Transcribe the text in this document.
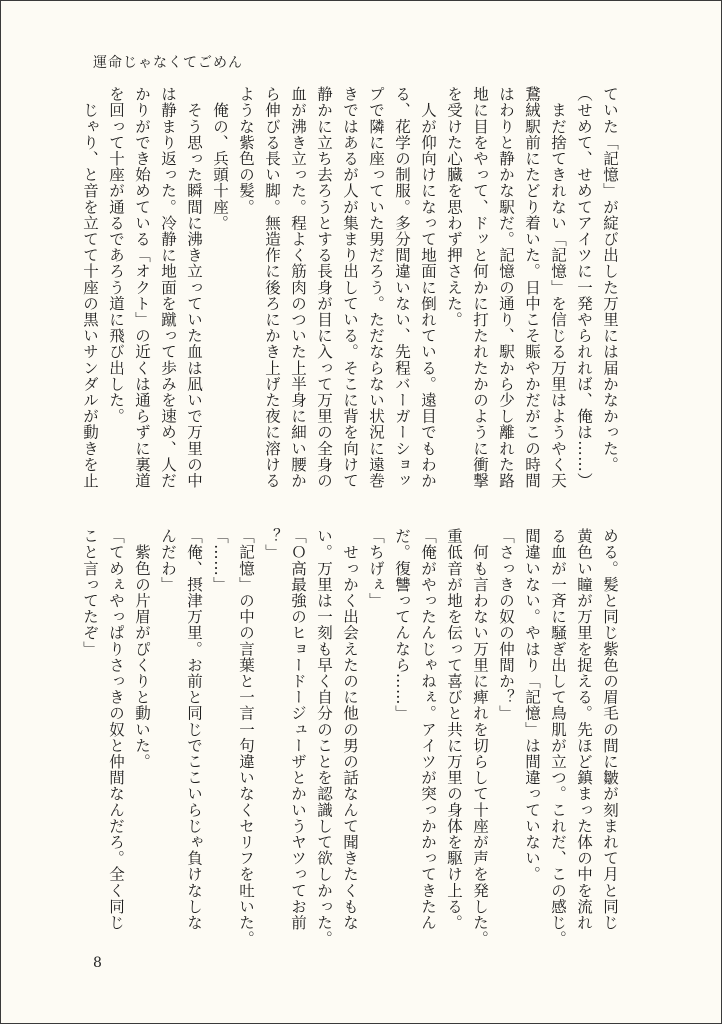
運命じゃなくてごめん
ていた「記憶」が綻び出した万里には届かなかった。
（せめて、せめてアイツに一発やられれば、俺は……）
　まだ捨てきれない「記憶」を信じる万里はようやく天
鵞絨駅前にたどり着いた。日中こそ賑やかだがこの時間
はわりと静かな駅だ。記憶の通り、駅から少し離れた路
地に目をやって、ドッと何かに打たれたかのように衝撃
を受けた心臓を思わず押さえた。
　人が仰向けになって地面に倒れている。遠目でもわか
る、花学の制服。多分間違いない、先程バーガーショッ
プで隣に座っていた男だろう。ただならない状況に遠巻
きではあるが人が集まり出している。そこに背を向けて
静かに立ち去ろうとする長身が目に入って万里の全身の
血が沸き立った。程よく筋肉のついた上半身に細い腰か
ら伸びる長い脚。無造作に後ろにかき上げた夜に溶ける
ような紫色の髪。
　俺の、兵頭十座。
　そう思った瞬間に沸き立っていた血は凪いで万里の中
は静まり返った。冷静に地面を蹴って歩みを速め、人だ
かりができ始めている「オクト」の近くは通らずに裏道
を回って十座が通るであろう道に飛び出した。
　じゃり、と音を立てて十座の黒いサンダルが動きを止
める。髪と同じ紫色の眉毛の間に皺が刻まれて月と同じ
黄色い瞳が万里を捉える。先ほど鎮まった体の中を流れ
る血が一斉に騒ぎ出して鳥肌が立つ。これだ、この感じ。
間違いない。やはり「記憶」は間違っていない。
「さっきの奴の仲間か？」
　何も言わない万里に痺れを切らして十座が声を発した。
重低音が地を伝って喜びと共に万里の身体を駆け上る。
「俺がやったんじゃねぇ。アイツが突っかかってきたん
だ。復讐ってんなら……」
「ちげぇ」
　せっかく出会えたのに他の男の話なんて聞きたくもな
い。万里は一刻も早く自分のことを認識して欲しかった。
「Ｏ高最強のヒョードージューザとかいうヤツってお前
？」
「記憶」の中の言葉と一言一句違いなくセリフを吐いた。
「……」
「俺、摂津万里。お前と同じでここいらじゃ負けなしな
んだわ」
　紫色の片眉がぴくりと動いた。
「てめぇやっぱりさっきの奴と仲間なんだろ。全く同じ
こと言ってたぞ」
8
